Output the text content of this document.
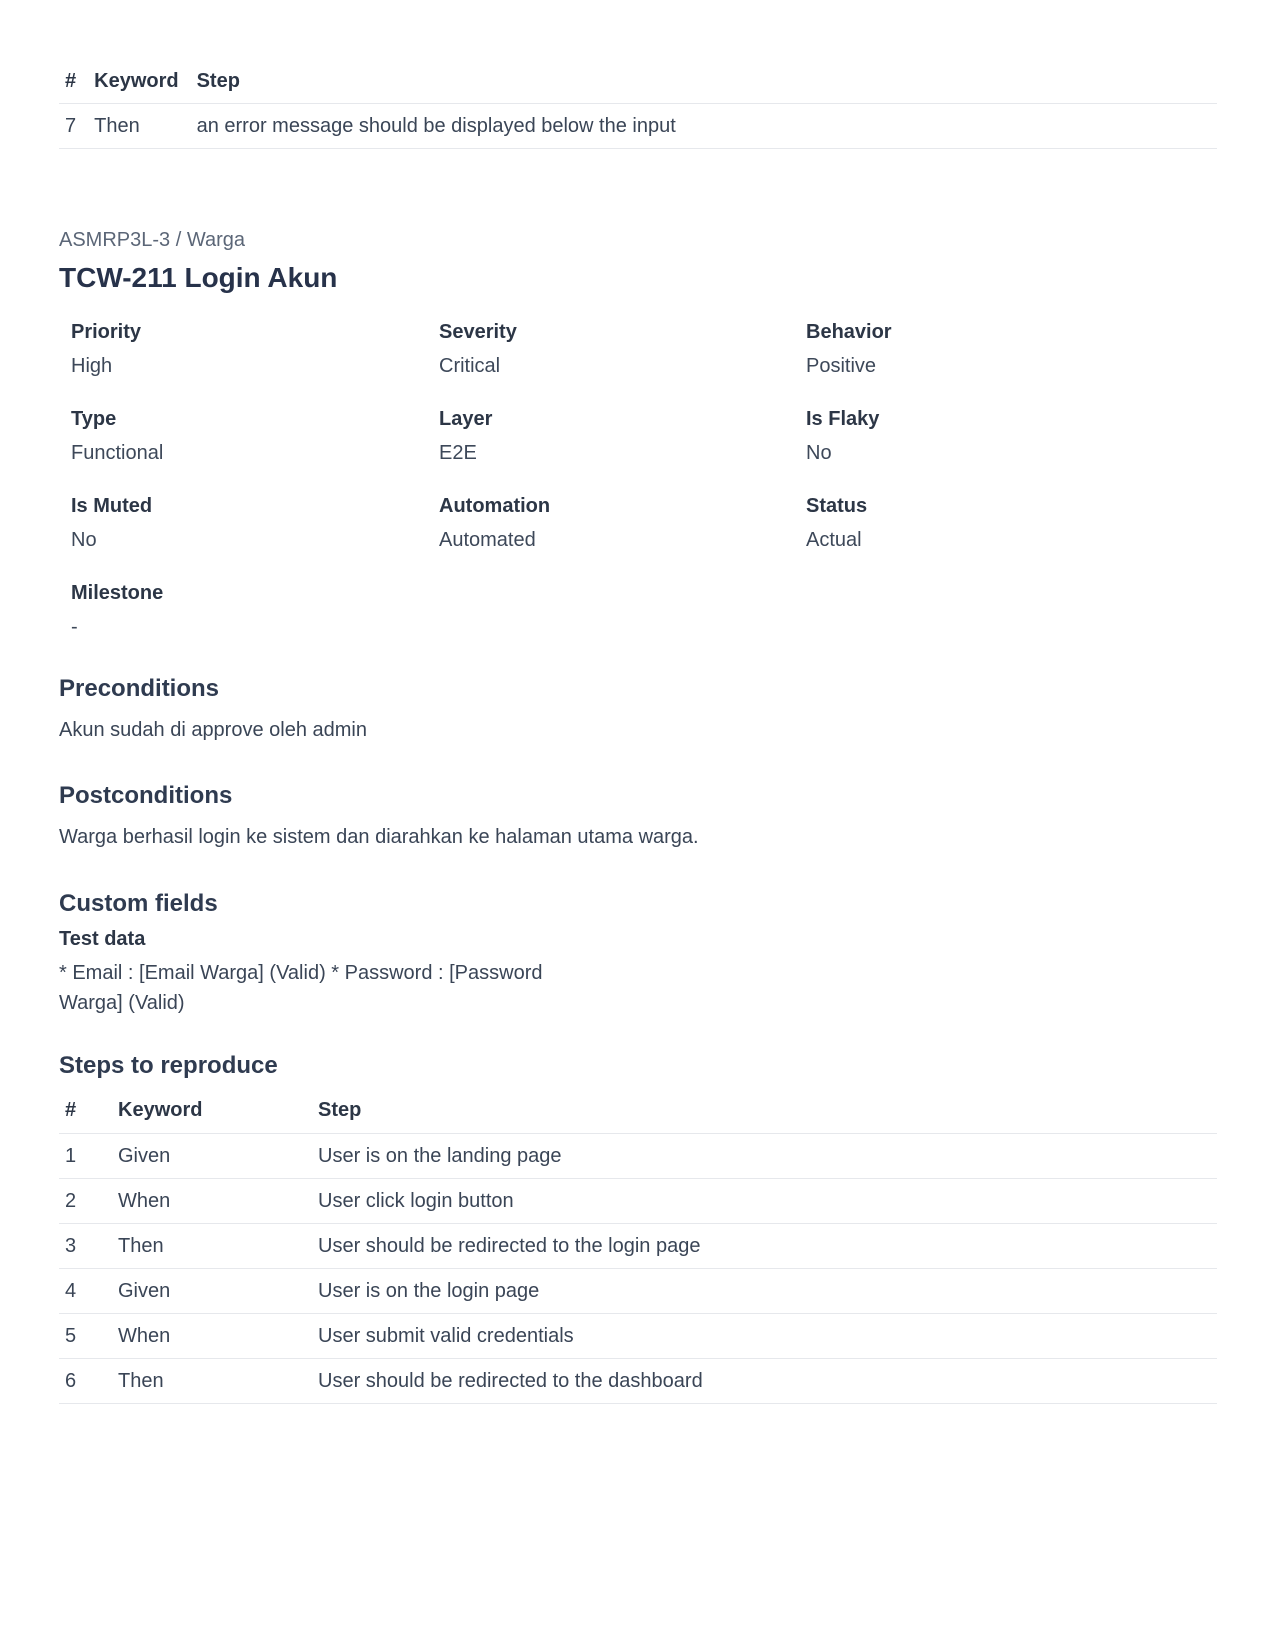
#	Keyword	Step
7	Then	an error message should be displayed below the input
ASMRP3L-3 / Warga
TCW-211 Login Akun
Priority
High
Severity
Critical
Behavior
Positive
Type
Functional
Layer
E2E
Is Flaky
No
Is Muted
No
Automation
Automated
Status
Actual
Milestone
-
Preconditions

Akun sudah di approve oleh admin

Postconditions

Warga berhasil login ke sistem dan diarahkan ke halaman utama warga.

Custom fields
Test data

* Email : [Email Warga] (Valid) * Password : [Password Warga] (Valid)

Steps to reproduce
#	Keyword	Step
1	Given	User is on the landing page
2	When	User click login button
3	Then	User should be redirected to the login page
4	Given	User is on the login page
5	When	User submit valid credentials
6	Then	User should be redirected to the dashboard
